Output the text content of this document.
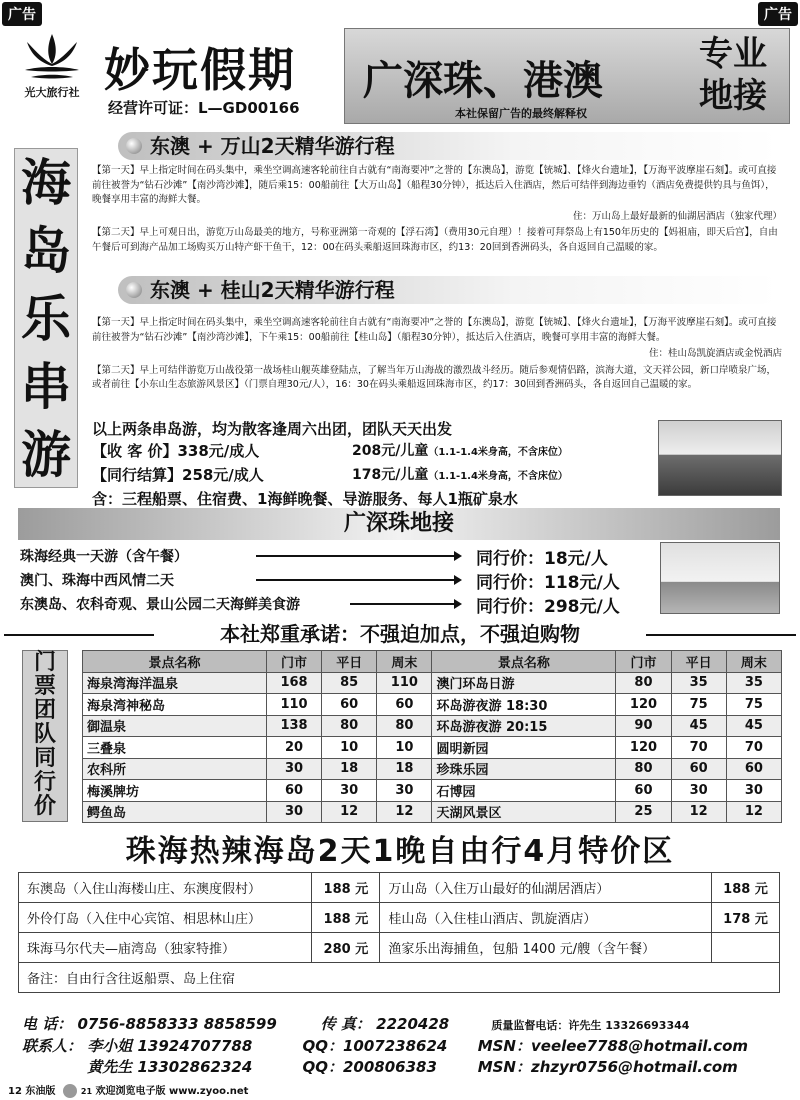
广告	广告
光大旅行社 妙玩假期
经营许可证：L—GD00166
广深珠、港澳
本社保留广告的最终解释权
专业
地接
海
岛
乐
串
游
东澳 + 万山2天精华游行程

【第一天】早上指定时间在码头集中，乘坐空调高速客轮前往自古就有“南海要冲”之誉的【东澳岛】，游览【铳城】、【烽火台遗址】，【万海平波摩崖石刻】。或可直接前往被誉为“钻石沙滩”【南沙湾沙滩】，随后乘15：00船前往【大万山岛】（船程30分钟），抵达后入住酒店，然后可结伴到海边垂钓（酒店免费提供钓具与鱼饵），晚餐享用丰富的海鲜大餐。

住：万山岛上最好最新的仙湖居酒店（独家代理）

【第二天】早上可观日出，游览万山岛最美的地方，号称亚洲第一奇观的【浮石湾】（费用30元自理）！接着可拜祭岛上有150年历史的【妈祖庙，即天后宫】，自由午餐后可到海产品加工场购买万山特产虾干鱼干，12：00在码头乘船返回珠海市区，约13：20回到香洲码头，各自返回自己温暖的家。

东澳 + 桂山2天精华游行程

【第一天】早上指定时间在码头集中，乘坐空调高速客轮前往自古就有“南海要冲”之誉的【东澳岛】，游览【铳城】、【烽火台遗址】，【万海平波摩崖石刻】。或可直接前往被誉为“钻石沙滩”【南沙湾沙滩】，下午乘15：00船前往【桂山岛】（船程30分钟），抵达后入住酒店，晚餐可享用丰富的海鲜大餐。

住：桂山岛凯旋酒店或金悦酒店

【第二天】早上可结伴游览万山战役第一战场桂山舰英雄登陆点，了解当年万山海战的激烈战斗经历。随后参观情侣路，滨海大道，文天祥公园，新口岸喷泉广场，或者前往【小东山生态旅游风景区】（门票自理30元/人），16：30在码头乘船返回珠海市区，约17：30回到香洲码头，各自返回自己温暖的家。

以上两条串岛游，均为散客逢周六出团，团队天天出发
【收 客 价】338元/成人	208元/儿童（1.1-1.4米身高，不含床位）
【同行结算】258元/成人	178元/儿童（1.1-1.4米身高，不含床位）
含：三程船票、住宿费、1海鲜晚餐、导游服务、每人1瓶矿泉水
广深珠地接
珠海经典一天游（含午餐）	同行价：18元/人
澳门、珠海中西风情二天	同行价：118元/人
东澳岛、农科奇观、景山公园二天海鲜美食游	同行价：298元/人
本社郑重承诺：不强迫加点，不强迫购物
门
票
团
队
同
行
价
景点名称	门市	平日	周末	景点名称	门市	平日	周末
海泉湾海洋温泉	168	85	110	澳门环岛日游	80	35	35
海泉湾神秘岛	110	60	60	环岛游夜游 18:30	120	75	75
御温泉	138	80	80	环岛游夜游 20:15	90	45	45
三叠泉	20	10	10	圆明新园	120	70	70
农科所	30	18	18	珍珠乐园	80	60	60
梅溪牌坊	60	30	30	石博园	60	30	30
鳄鱼岛	30	12	12	天湖风景区	25	12	12
珠海热辣海岛2天1晚自由行4月特价区
东澳岛（入住山海楼山庄、东澳度假村）	188 元	万山岛（入住万山最好的仙湖居酒店）	188 元
外伶仃岛（入住中心宾馆、相思林山庄）	188 元	桂山岛（入住桂山酒店、凯旋酒店）	178 元
珠海马尔代夫—庙湾岛（独家特推）	280 元	渔家乐出海捕鱼，包船 1400 元/艘（含午餐）	
备注：自由行含往返船票、岛上住宿			
电 话： 0756-8858333 8858599	传 真： 2220428	质量监督电话：许先生 13326693344
联系人： 李小姐 13924707788	QQ：1007238624 MSN：veelee7788@hotmail.com
黄先生 13302862324	QQ：200806383	MSN：zhzyr0756@hotmail.com
12 东油版	21 欢迎浏览电子版 www.zyoo.net
